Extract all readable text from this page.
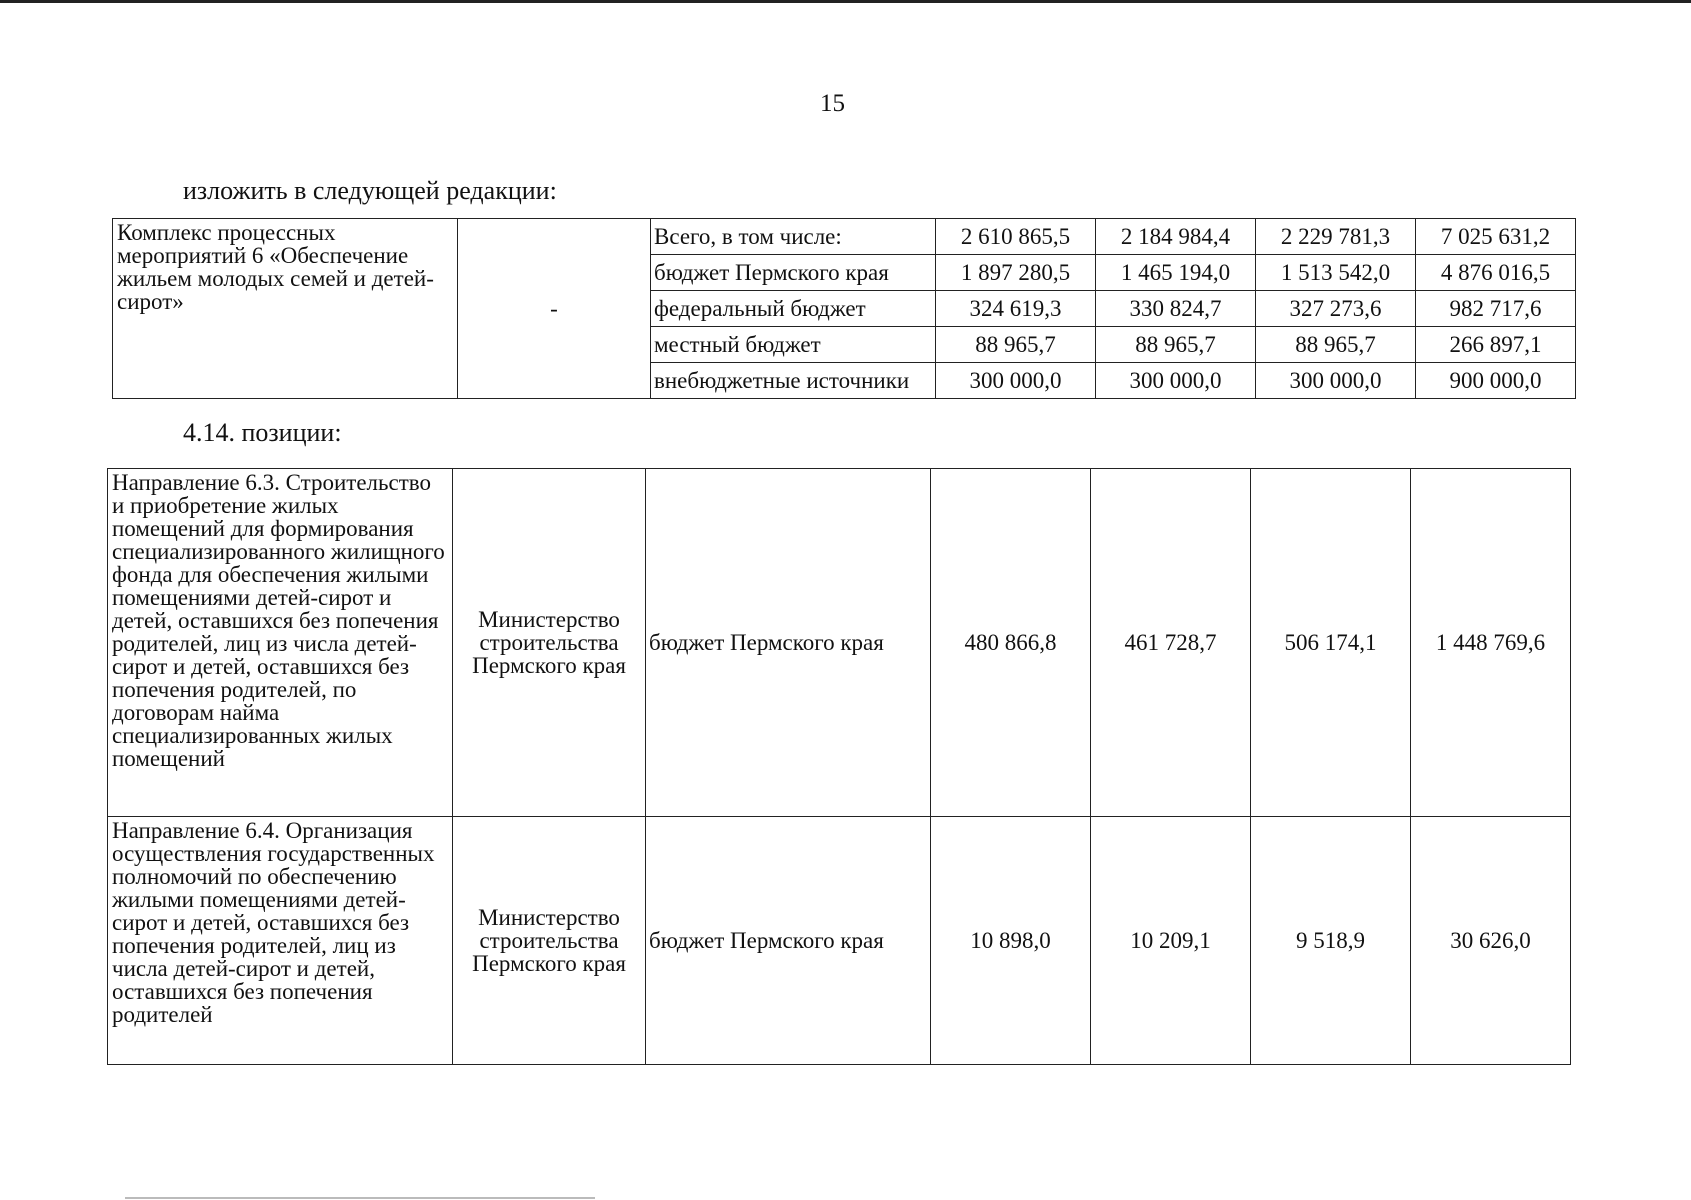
15
изложить в следующей редакции:
Комплекс процессных мероприятий 6 «Обеспечение жильем молодых семей и детей-сирот»	-	Всего, в том числе:	2 610 865,5	2 184 984,4	2 229 781,3	7 025 631,2
		бюджет Пермского края	1 897 280,5	1 465 194,0	1 513 542,0	4 876 016,5
		федеральный бюджет	324 619,3	330 824,7	327 273,6	982 717,6
		местный бюджет	88 965,7	88 965,7	88 965,7	266 897,1
		внебюджетные источники	300 000,0	300 000,0	300 000,0	900 000,0
4.14. позиции:
Направление 6.3. Строительство и приобретение жилых помещений для формирования специализированного жилищного фонда для обеспечения жилыми помещениями детей-сирот и детей, оставшихся без попечения родителей, лиц из числа детей-сирот и детей, оставшихся без попечения родителей, по договорам найма специализированных жилых помещений	Министерство строительства Пермского края	бюджет Пермского края	480 866,8	461 728,7	506 174,1	1 448 769,6
Направление 6.4. Организация осуществления государственных полномочий по обеспечению жилыми помещениями детей-сирот и детей, оставшихся без попечения родителей, лиц из числа детей-сирот и детей, оставшихся без попечения родителей	Министерство строительства Пермского края	бюджет Пермского края	10 898,0	10 209,1	9 518,9	30 626,0
